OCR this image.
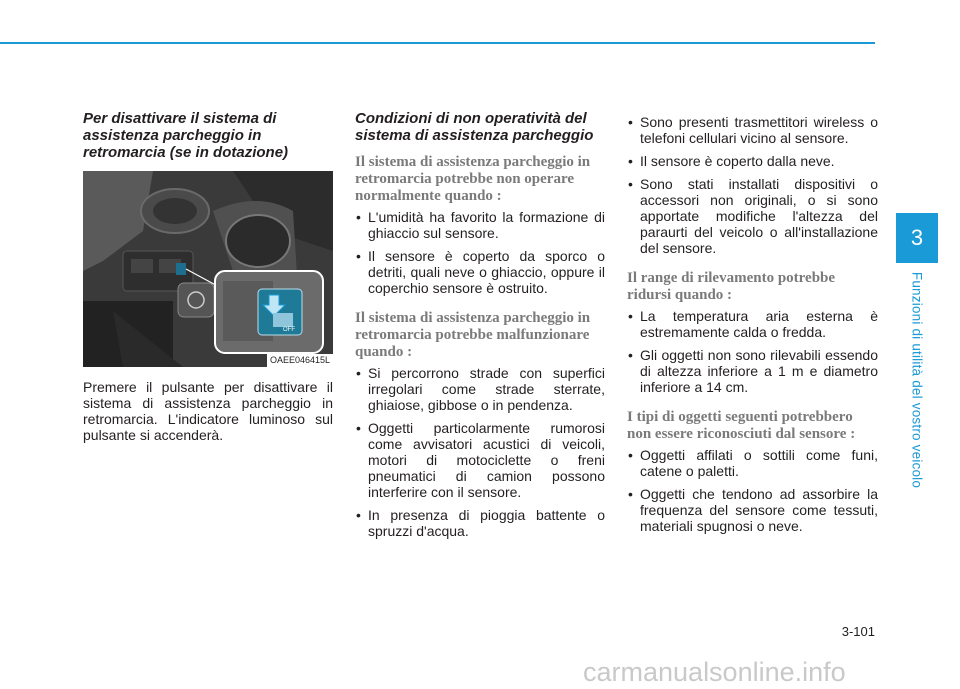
Per disattivare il sistema di assistenza parcheggio in retromarcia (se in dotazione)
OFF
OAEE046415L

Premere il pulsante per disattivare il sistema di assistenza parcheggio in retromarcia. L'indicatore luminoso sul pulsante si accenderà.

Condizioni di non operatività del sistema di assistenza parcheggio
Il sistema di assistenza parcheggio in retromarcia potrebbe non operare normalmente quando :
• L'umidità ha favorito la formazione di ghiaccio sul sensore.
• Il sensore è coperto da sporco o detriti, quali neve o ghiaccio, oppure il coperchio sensore è ostruito.
Il sistema di assistenza parcheggio in retromarcia potrebbe malfunzionare quando :
• Si percorrono strade con superfici irregolari come strade sterrate, ghiaiose, gibbose o in pendenza.
• Oggetti particolarmente rumorosi come avvisatori acustici di veicoli, motori di motociclette o freni pneumatici di camion possono interferire con il sensore.
• In presenza di pioggia battente o spruzzi d'acqua.
• Sono presenti trasmettitori wireless o telefoni cellulari vicino al sensore.
• Il sensore è coperto dalla neve.
• Sono stati installati dispositivi o accessori non originali, o si sono apportate modifiche l'altezza del paraurti del veicolo o all'installazione del sensore.
Il range di rilevamento potrebbe ridursi quando :
• La temperatura aria esterna è estremamente calda o fredda.
• Gli oggetti non sono rilevabili essendo di altezza inferiore a 1 m e diametro inferiore a 14 cm.
I tipi di oggetti seguenti potrebbero non essere riconosciuti dal sensore :
• Oggetti affilati o sottili come funi, catene o paletti.
• Oggetti che tendono ad assorbire la frequenza del sensore come tessuti, materiali spugnosi o neve.
3
Funzioni di utilità del vostro veicolo
3-101
carmanualsonline.info
